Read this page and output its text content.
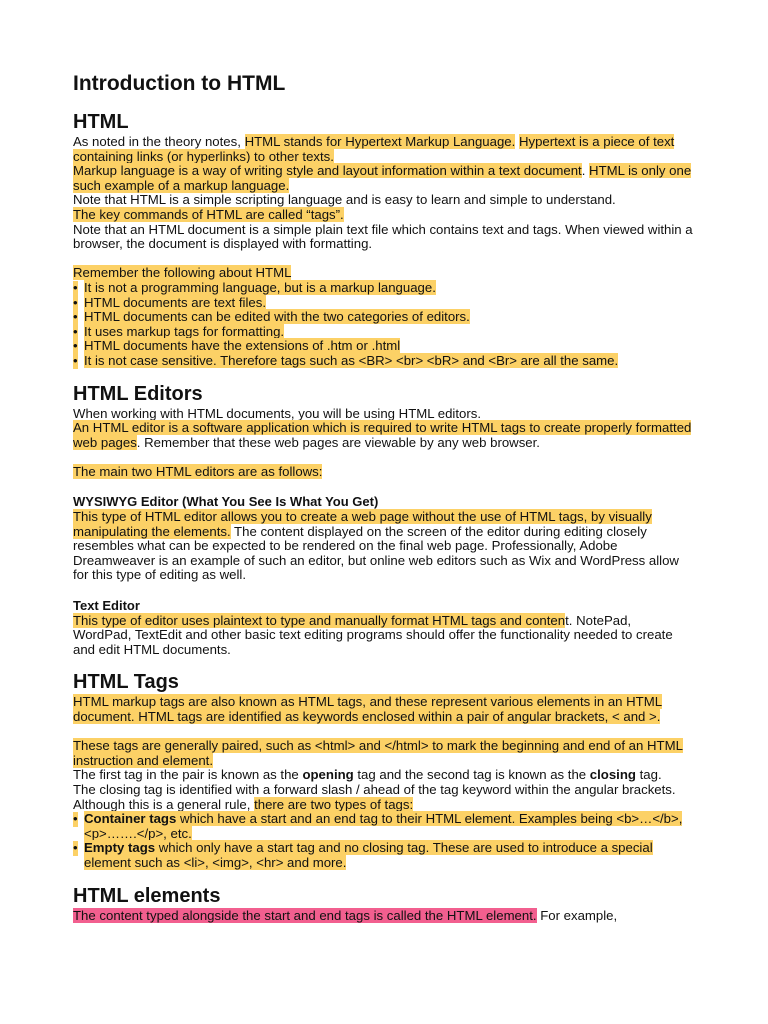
Introduction to HTML
HTML

As noted in the theory notes, HTML stands for Hypertext Markup Language. Hypertext is a piece of text containing links (or hyperlinks) to other texts.

Markup language is a way of writing style and layout information within a text document. HTML is only one such example of a markup language.

Note that HTML is a simple scripting language and is easy to learn and simple to understand.

The key commands of HTML are called “tags”.

Note that an HTML document is a simple plain text file which contains text and tags. When viewed within a browser, the document is displayed with formatting.

Remember the following about HTML

• It is not a programming language, but is a markup language.
• HTML documents are text files.
• HTML documents can be edited with the two categories of editors.
• It uses markup tags for formatting.
• HTML documents have the extensions of .htm or .html
• It is not case sensitive. Therefore tags such as <BR> <br> <bR> and <Br> are all the same.
HTML Editors

When working with HTML documents, you will be using HTML editors.

An HTML editor is a software application which is required to write HTML tags to create properly formatted web pages. Remember that these web pages are viewable by any web browser.

The main two HTML editors are as follows:

WYSIWYG Editor (What You See Is What You Get)

This type of HTML editor allows you to create a web page without the use of HTML tags, by visually manipulating the elements. The content displayed on the screen of the editor during editing closely resembles what can be expected to be rendered on the final web page. Professionally, Adobe Dreamweaver is an example of such an editor, but online web editors such as Wix and WordPress allow for this type of editing as well.

Text Editor

This type of editor uses plaintext to type and manually format HTML tags and content. NotePad, WordPad, TextEdit and other basic text editing programs should offer the functionality needed to create and edit HTML documents.

HTML Tags

HTML markup tags are also known as HTML tags, and these represent various elements in an HTML document. HTML tags are identified as keywords enclosed within a pair of angular brackets, < and >.

These tags are generally paired, such as <html> and </html> to mark the beginning and end of an HTML instruction and element.

The first tag in the pair is known as the opening tag and the second tag is known as the closing tag.

The closing tag is identified with a forward slash / ahead of the tag keyword within the angular brackets. Although this is a general rule, there are two types of tags:

• Container tags which have a start and an end tag to their HTML element. Examples being <b>…</b>, <p>…….</p>, etc.
• Empty tags which only have a start tag and no closing tag. These are used to introduce a special element such as <li>, <img>, <hr> and more.
HTML elements

The content typed alongside the start and end tags is called the HTML element. For example,
